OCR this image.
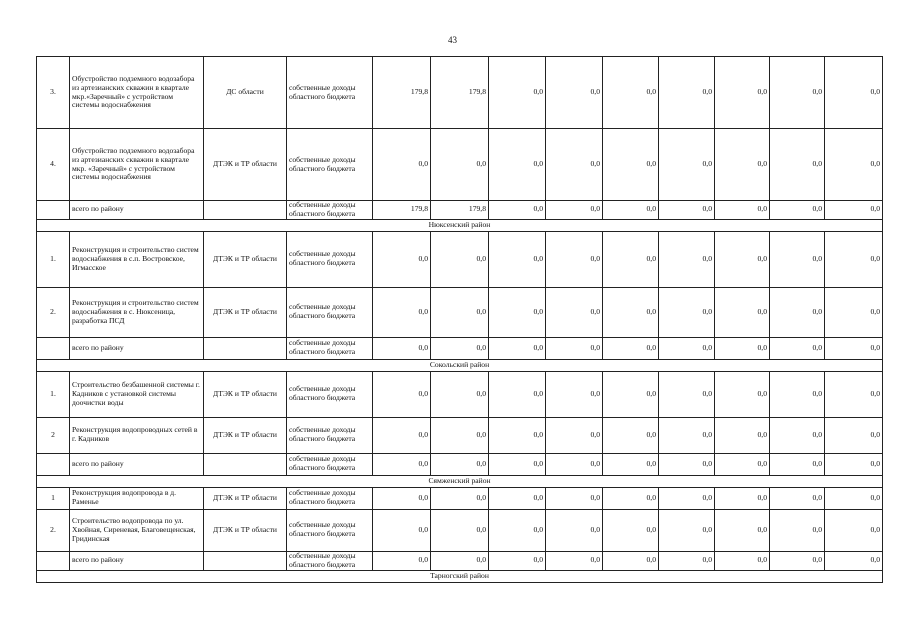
43
3.	Обустройство подземного водозабора из артезианских скважин в квартале мкр.«Заречный» с устройством системы водоснабжения	ДС области	собственные доходы областного бюджета	179,8	179,8	0,0	0,0	0,0	0,0	0,0	0,0	0,0
4.	Обустройство подземного водозабора из артезианских скважин в квартале мкр. «Заречный» с устройством системы водоснабжения	ДТЭК и ТР области	собственные доходы областного бюджета	0,0	0,0	0,0	0,0	0,0	0,0	0,0	0,0	0,0
	всего по району		собственные доходы областного бюджета	179,8	179,8	0,0	0,0	0,0	0,0	0,0	0,0	0,0
Нюксенский район												
1.	Реконструкция и строительство систем водоснабжения в с.п. Востровское, Игмасское	ДТЭК и ТР области	собственные доходы областного бюджета	0,0	0,0	0,0	0,0	0,0	0,0	0,0	0,0	0,0
2.	Реконструкция и строительство систем водоснабжения в с. Нюксеница, разработка ПСД	ДТЭК и ТР области	собственные доходы областного бюджета	0,0	0,0	0,0	0,0	0,0	0,0	0,0	0,0	0,0
	всего по району		собственные доходы областного бюджета	0,0	0,0	0,0	0,0	0,0	0,0	0,0	0,0	0,0
Сокольский район												
1.	Строительство безбашенной системы г. Кадников с установкой системы доочистки воды	ДТЭК и ТР области	собственные доходы областного бюджета	0,0	0,0	0,0	0,0	0,0	0,0	0,0	0,0	0,0
2	Реконструкция водопроводных сетей в г. Кадников	ДТЭК и ТР области	собственные доходы областного бюджета	0,0	0,0	0,0	0,0	0,0	0,0	0,0	0,0	0,0
	всего по району		собственные доходы областного бюджета	0,0	0,0	0,0	0,0	0,0	0,0	0,0	0,0	0,0
Сямженский район												
1	Реконструкция водопровода в д. Раменье	ДТЭК и ТР области	собственные доходы областного бюджета	0,0	0,0	0,0	0,0	0,0	0,0	0,0	0,0	0,0
2.	Строительство водопровода по ул. Хвойная, Сиреневая, Благовещенская, Гридинская	ДТЭК и ТР области	собственные доходы областного бюджета	0,0	0,0	0,0	0,0	0,0	0,0	0,0	0,0	0,0
	всего по району		собственные доходы областного бюджета	0,0	0,0	0,0	0,0	0,0	0,0	0,0	0,0	0,0
Тарногский район												
